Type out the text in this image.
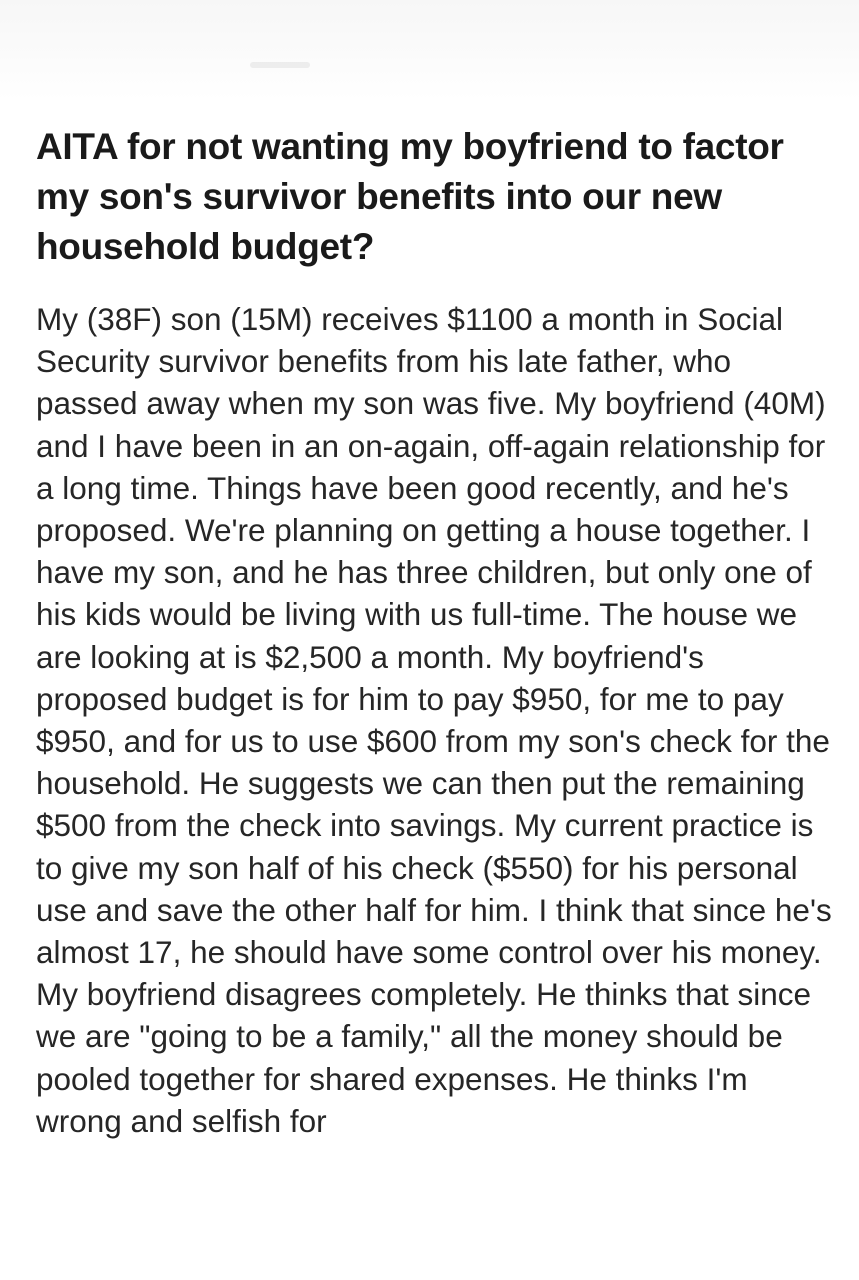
AITA for not wanting my boyfriend to factor my son's survivor benefits into our new household budget?

My (38F) son (15M) receives $1100 a month in Social Security survivor benefits from his late father, who passed away when my son was five. My boyfriend (40M) and I have been in an on-again, off-again relationship for a long time. Things have been good recently, and he's proposed. We're planning on getting a house together. I have my son, and he has three children, but only one of his kids would be living with us full-time. The house we are looking at is $2,500 a month. My boyfriend's proposed budget is for him to pay $950, for me to pay $950, and for us to use $600 from my son's check for the household. He suggests we can then put the remaining $500 from the check into savings. My current practice is to give my son half of his check ($550) for his personal use and save the other half for him. I think that since he's almost 17, he should have some control over his money. My boyfriend disagrees completely. He thinks that since we are "going to be a family," all the money should be pooled together for shared expenses. He thinks I'm wrong and selfish for
